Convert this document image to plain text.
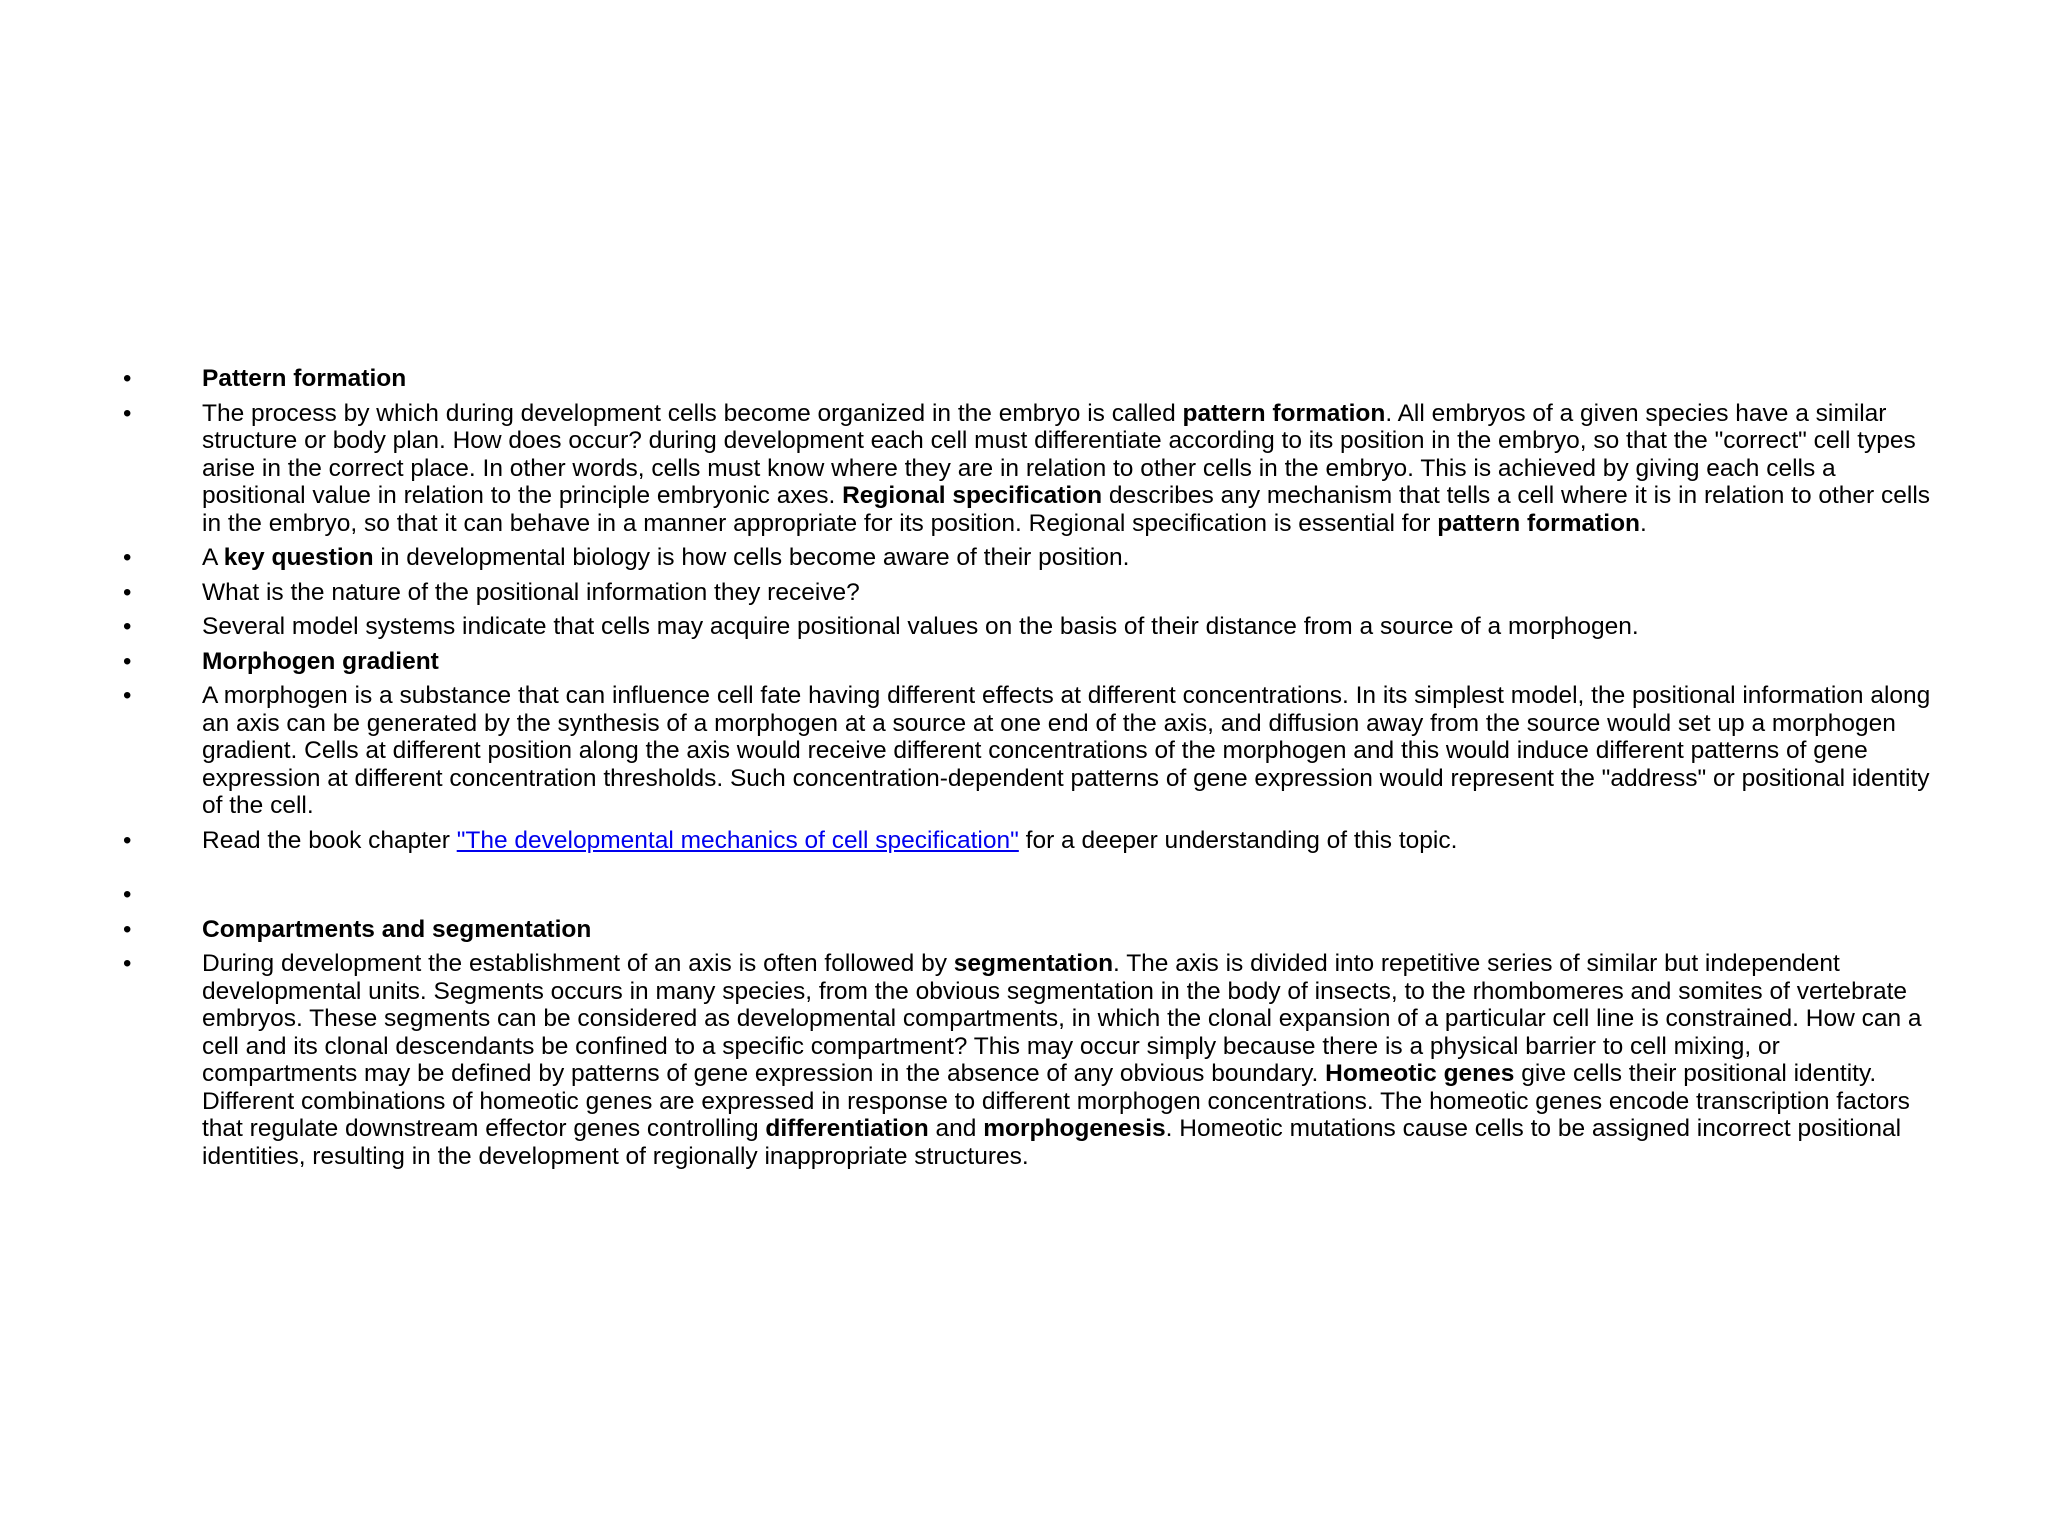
•	Pattern formation
•	The process by which during development cells become organized in the embryo is called pattern formation. All embryos of a given species have a similar structure or body plan. How does occur? during development each cell must differentiate according to its position in the embryo, so that the "correct" cell types arise in the correct place. In other words, cells must know where they are in relation to other cells in the embryo. This is achieved by giving each cells a positional value in relation to the principle embryonic axes. Regional specification describes any mechanism that tells a cell where it is in relation to other cells in the embryo, so that it can behave in a manner appropriate for its position. Regional specification is essential for pattern formation.
•	A key question in developmental biology is how cells become aware of their position.
•	What is the nature of the positional information they receive?
•	Several model systems indicate that cells may acquire positional values on the basis of their distance from a source of a morphogen.
•	Morphogen gradient
•	A morphogen is a substance that can influence cell fate having different effects at different concentrations. In its simplest model, the positional information along an axis can be generated by the synthesis of a morphogen at a source at one end of the axis, and diffusion away from the source would set up a morphogen gradient. Cells at different position along the axis would receive different concentrations of the morphogen and this would induce different patterns of gene expression at different concentration thresholds. Such concentration-dependent patterns of gene expression would represent the "address" or positional identity of the cell.
•	Read the book chapter "The developmental mechanics of cell specification" for a deeper understanding of this topic.
•
•	Compartments and segmentation
•	During development the establishment of an axis is often followed by segmentation. The axis is divided into repetitive series of similar but independent developmental units. Segments occurs in many species, from the obvious segmentation in the body of insects, to the rhombomeres and somites of vertebrate embryos. These segments can be considered as developmental compartments, in which the clonal expansion of a particular cell line is constrained. How can a cell and its clonal descendants be confined to a specific compartment? This may occur simply because there is a physical barrier to cell mixing, or compartments may be defined by patterns of gene expression in the absence of any obvious boundary. Homeotic genes give cells their positional identity. Different combinations of homeotic genes are expressed in response to different morphogen concentrations. The homeotic genes encode transcription factors that regulate downstream effector genes controlling differentiation and morphogenesis. Homeotic mutations cause cells to be assigned incorrect positional identities, resulting in the development of regionally inappropriate structures.
